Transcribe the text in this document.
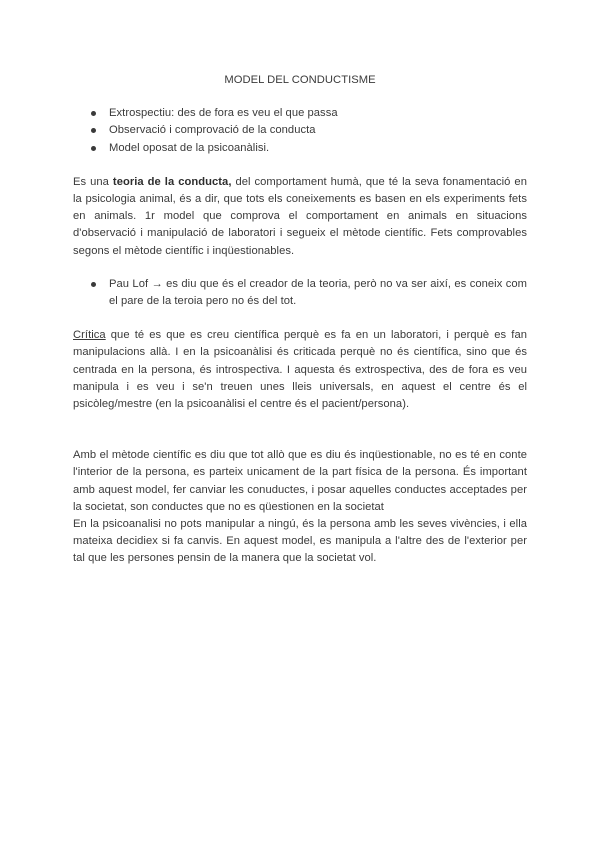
MODEL DEL CONDUCTISME
Extrospectiu: des de fora es veu el que passa
Observació i comprovació de la conducta
Model oposat de la psicoanàlisi.

Es una teoria de la conducta, del comportament humà, que té la seva fonamentació en la psicologia animal, és a dir, que tots els coneixements es basen en els experiments fets en animals. 1r model que comprova el comportament en animals en situacions d'observació i manipulació de laboratori i segueix el mètode científic. Fets comprovables segons el mètode científic i inqüestionables.

Pau Lof → es diu que és el creador de la teoria, però no va ser així, es coneix com el pare de la teroia pero no és del tot.

Crítica que té es que es creu científica perquè es fa en un laboratori, i perquè es fan manipulacions allà. I en la psicoanàlisi és criticada perquè no és científica, sino que és centrada en la persona, és introspectiva. I aquesta és extrospectiva, des de fora es veu manipula i es veu i se'n treuen unes lleis universals, en aquest el centre és el psicòleg/mestre (en la psicoanàlisi el centre és el pacient/persona).

Amb el mètode científic es diu que tot allò que es diu és inqüestionable, no es té en conte l'interior de la persona, es parteix unicament de la part física de la persona. És important amb aquest model, fer canviar les conuductes, i posar aquelles conductes acceptades per la societat, son conductes que no es qüestionen en la societat

En la psicoanalisi no pots manipular a ningú, és la persona amb les seves vivències, i ella mateixa decidiex si fa canvis. En aquest model, es manipula a l'altre des de l'exterior per tal que les persones pensin de la manera que la societat vol.
